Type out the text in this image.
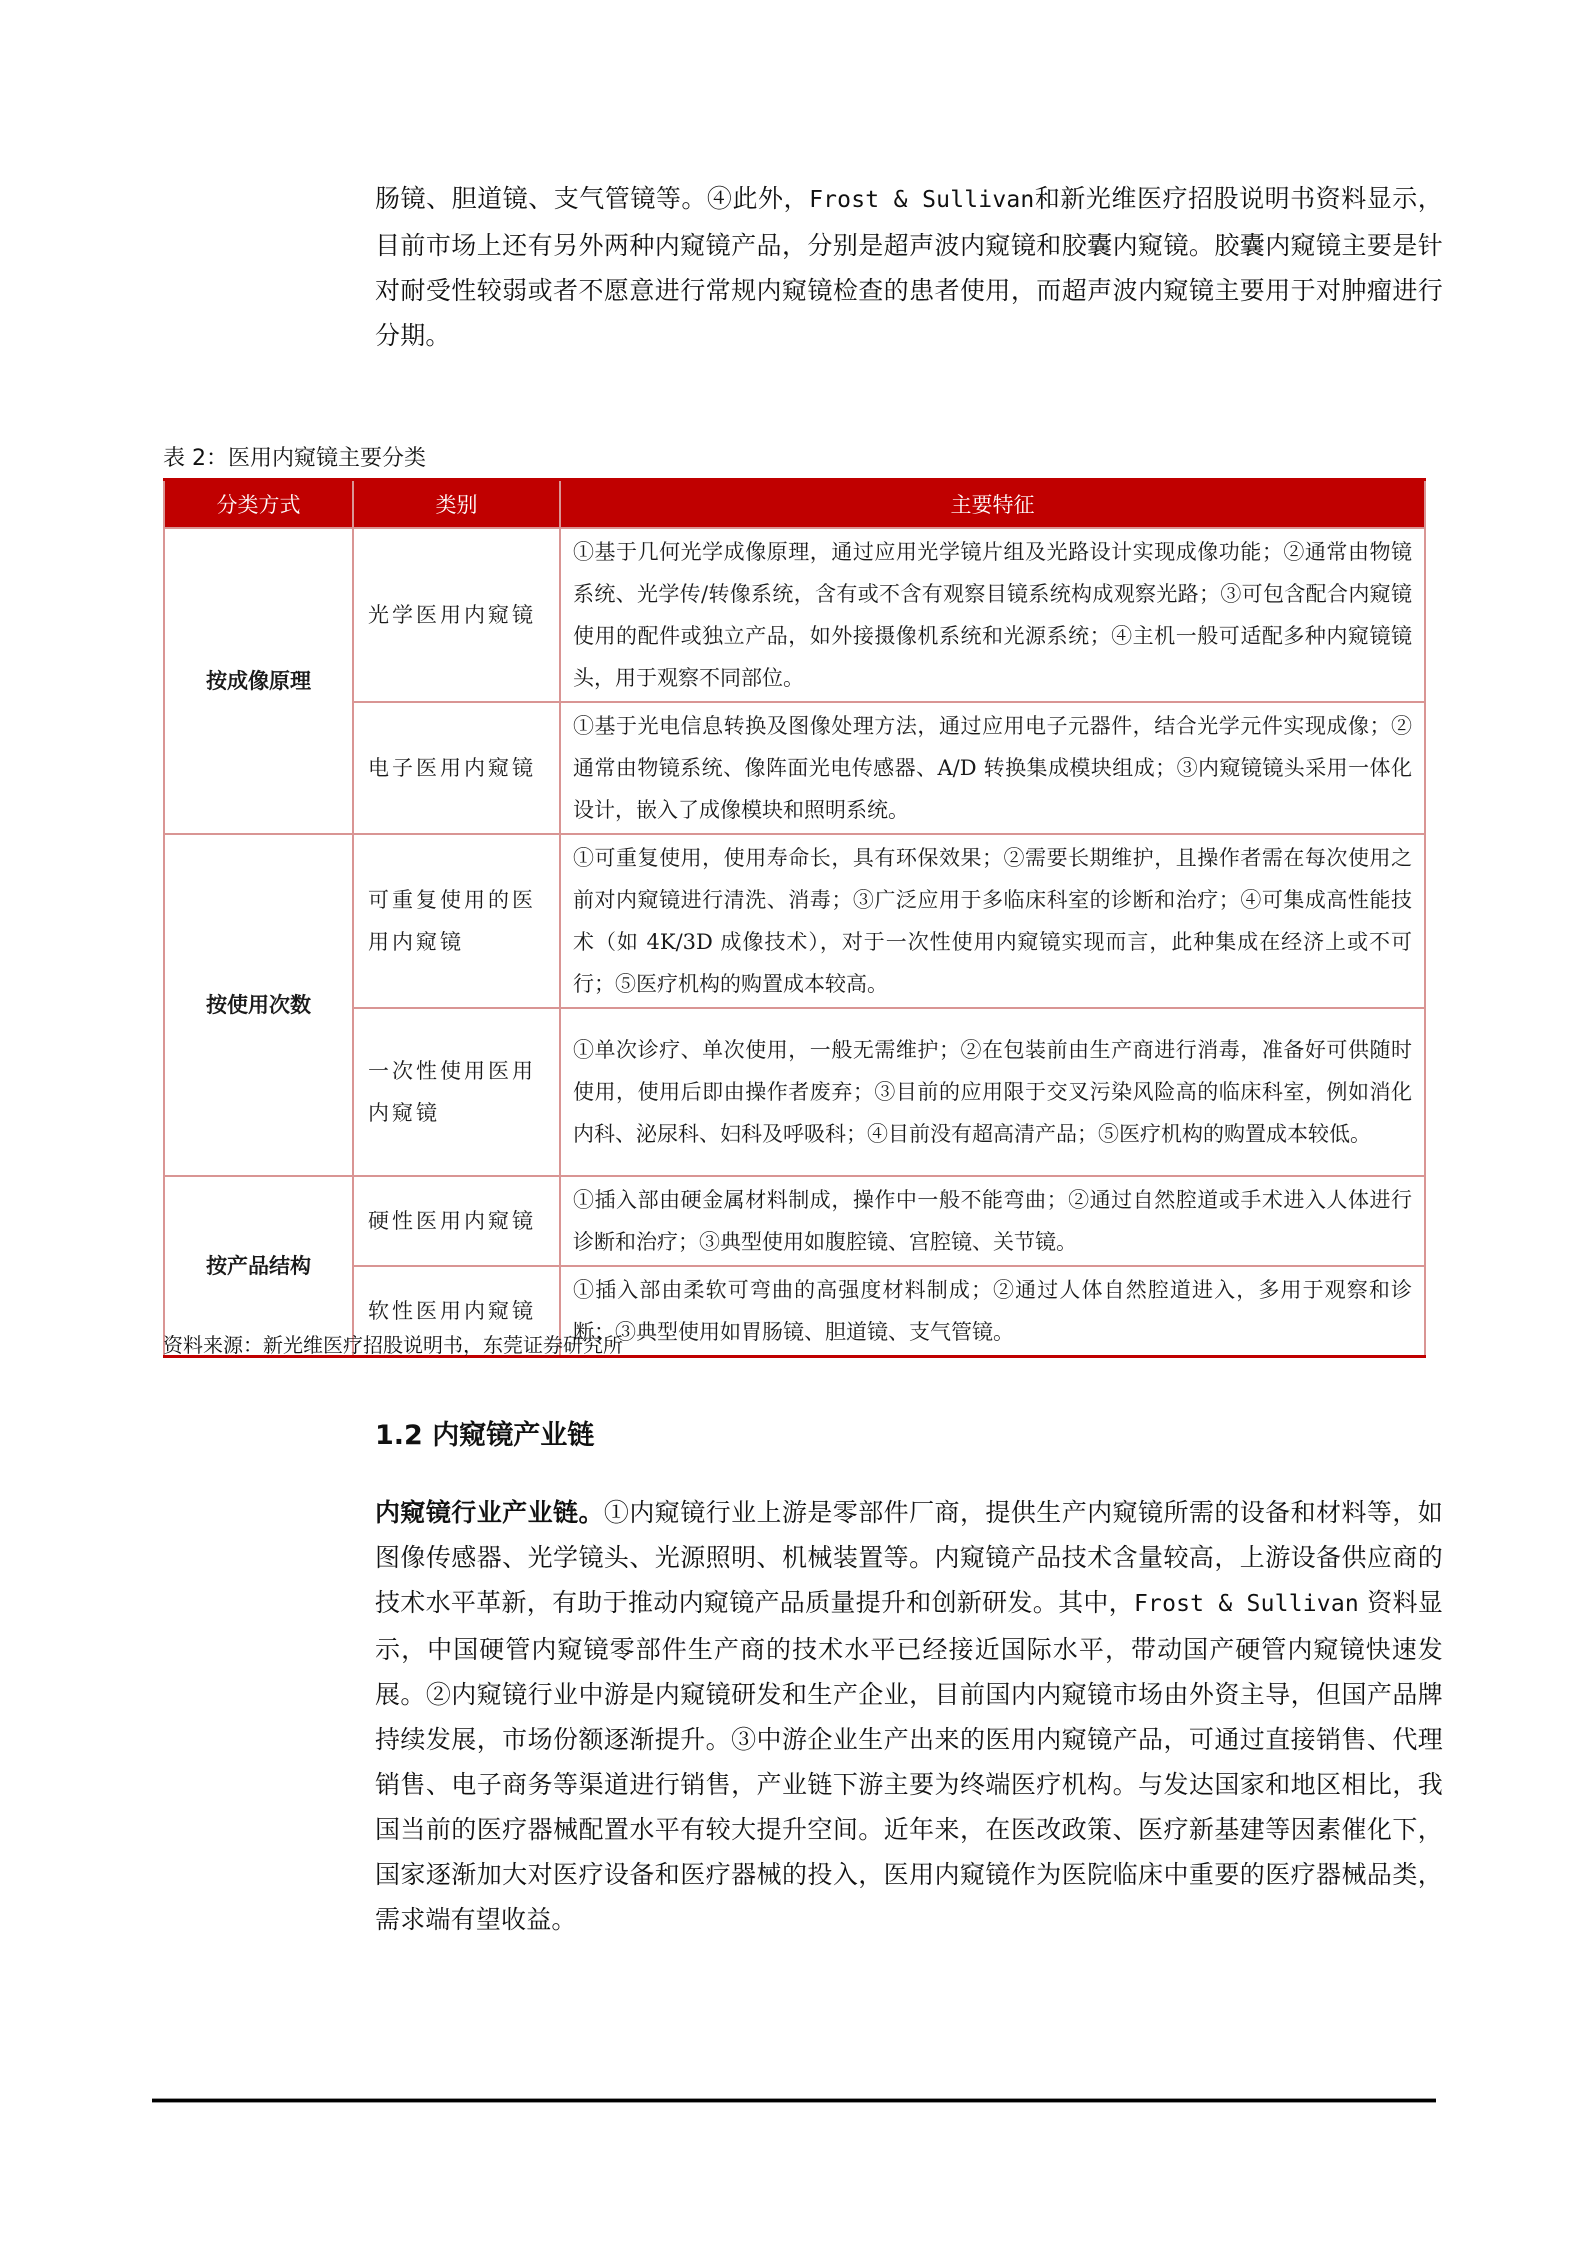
肠镜、胆道镜、支气管镜等。④此外，Frost & Sullivan和新光维医疗招股说明书资料显示，目前市场上还有另外两种内窥镜产品，分别是超声波内窥镜和胶囊内窥镜。胶囊内窥镜主要是针对耐受性较弱或者不愿意进行常规内窥镜检查的患者使用，而超声波内窥镜主要用于对肿瘤进行分期。

表 2：医用内窥镜主要分类
分类方式	类别	主要特征
按成像原理	光学医用内窥镜	①基于几何光学成像原理，通过应用光学镜片组及光路设计实现成像功能；②通常由物镜系统、光学传/转像系统，含有或不含有观察目镜系统构成观察光路；③可包含配合内窥镜使用的配件或独立产品，如外接摄像机系统和光源系统；④主机一般可适配多种内窥镜镜头，用于观察不同部位。
	电子医用内窥镜	①基于光电信息转换及图像处理方法，通过应用电子元器件，结合光学元件实现成像；②通常由物镜系统、像阵面光电传感器、A/D 转换集成模块组成；③内窥镜镜头采用一体化设计，嵌入了成像模块和照明系统。
按使用次数	可重复使用的医用内窥镜	①可重复使用，使用寿命长，具有环保效果；②需要长期维护，且操作者需在每次使用之前对内窥镜进行清洗、消毒；③广泛应用于多临床科室的诊断和治疗；④可集成高性能技术（如 4K/3D 成像技术），对于一次性使用内窥镜实现而言，此种集成在经济上或不可行；⑤医疗机构的购置成本较高。
	一次性使用医用内窥镜	①单次诊疗、单次使用，一般无需维护；②在包装前由生产商进行消毒，准备好可供随时使用，使用后即由操作者废弃；③目前的应用限于交叉污染风险高的临床科室，例如消化内科、泌尿科、妇科及呼吸科；④目前没有超高清产品；⑤医疗机构的购置成本较低。
按产品结构	硬性医用内窥镜	①插入部由硬金属材料制成，操作中一般不能弯曲；②通过自然腔道或手术进入人体进行诊断和治疗；③典型使用如腹腔镜、宫腔镜、关节镜。
	软性医用内窥镜	①插入部由柔软可弯曲的高强度材料制成；②通过人体自然腔道进入，多用于观察和诊断；③典型使用如胃肠镜、胆道镜、支气管镜。
资料来源：新光维医疗招股说明书，东莞证券研究所
1.2 内窥镜产业链

内窥镜行业产业链。①内窥镜行业上游是零部件厂商，提供生产内窥镜所需的设备和材料等，如图像传感器、光学镜头、光源照明、机械装置等。内窥镜产品技术含量较高，上游设备供应商的技术水平革新，有助于推动内窥镜产品质量提升和创新研发。其中，Frost & Sullivan 资料显示，中国硬管内窥镜零部件生产商的技术水平已经接近国际水平，带动国产硬管内窥镜快速发展。②内窥镜行业中游是内窥镜研发和生产企业，目前国内内窥镜市场由外资主导，但国产品牌持续发展，市场份额逐渐提升。③中游企业生产出来的医用内窥镜产品，可通过直接销售、代理销售、电子商务等渠道进行销售，产业链下游主要为终端医疗机构。与发达国家和地区相比，我国当前的医疗器械配置水平有较大提升空间。近年来，在医改政策、医疗新基建等因素催化下，国家逐渐加大对医疗设备和医疗器械的投入，医用内窥镜作为医院临床中重要的医疗器械品类，需求端有望收益。
